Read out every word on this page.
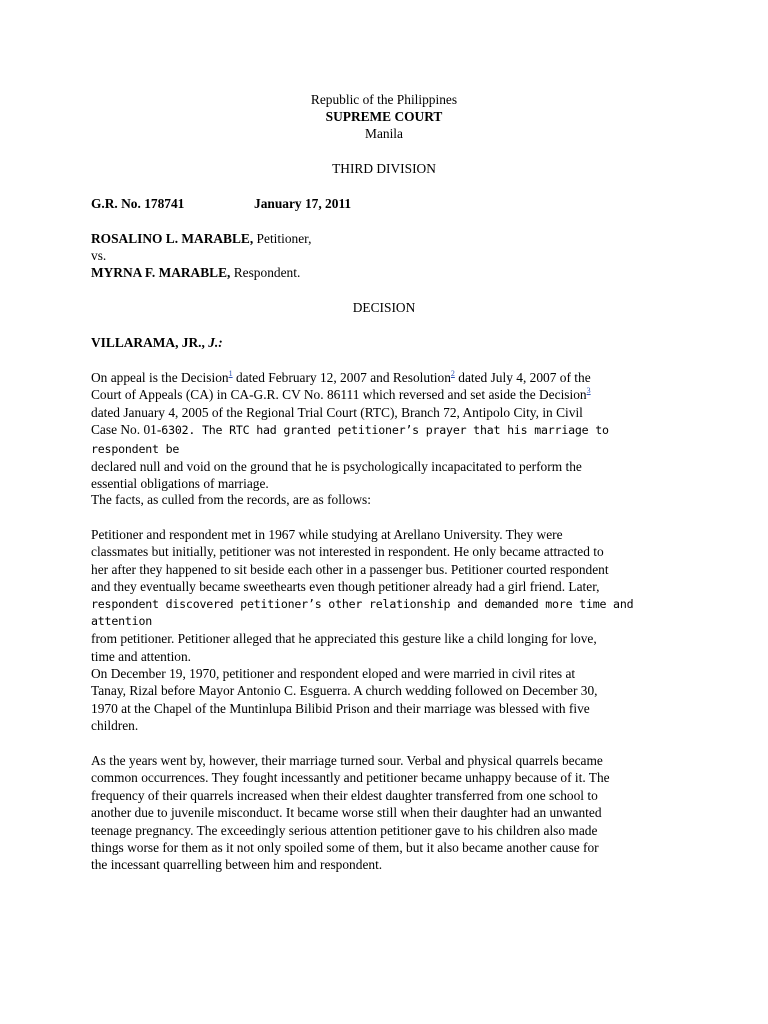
Republic of the Philippines
SUPREME COURT
Manila
THIRD DIVISION
G.R. No. 178741	January 17, 2011
ROSALINO L. MARABLE, Petitioner,
vs.
MYRNA F. MARABLE, Respondent.
DECISION
VILLARAMA, JR., J.:

On appeal is the Decision$^1$ dated February 12, 2007 and Resolution$^2$ dated July 4, 2007 of the

Court of Appeals (CA) in CA-G.R. CV No. 86111 which reversed and set aside the Decision$^3$

dated January 4, 2005 of the Regional Trial Court (RTC), Branch 72, Antipolo City, in Civil

Case No. 01-6302. The RTC had granted petitioner’s prayer that his marriage to respondent be

declared null and void on the ground that he is psychologically incapacitated to perform the

essential obligations of marriage.

The facts, as culled from the records, are as follows:

Petitioner and respondent met in 1967 while studying at Arellano University. They were

classmates but initially, petitioner was not interested in respondent. He only became attracted to

her after they happened to sit beside each other in a passenger bus. Petitioner courted respondent

and they eventually became sweethearts even though petitioner already had a girl friend. Later,

respondent discovered petitioner’s other relationship and demanded more time and attention

from petitioner. Petitioner alleged that he appreciated this gesture like a child longing for love,

time and attention.

On December 19, 1970, petitioner and respondent eloped and were married in civil rites at

Tanay, Rizal before Mayor Antonio C. Esguerra. A church wedding followed on December 30,

1970 at the Chapel of the Muntinlupa Bilibid Prison and their marriage was blessed with five

children.

As the years went by, however, their marriage turned sour. Verbal and physical quarrels became

common occurrences. They fought incessantly and petitioner became unhappy because of it. The

frequency of their quarrels increased when their eldest daughter transferred from one school to

another due to juvenile misconduct. It became worse still when their daughter had an unwanted

teenage pregnancy. The exceedingly serious attention petitioner gave to his children also made

things worse for them as it not only spoiled some of them, but it also became another cause for

the incessant quarrelling between him and respondent.
